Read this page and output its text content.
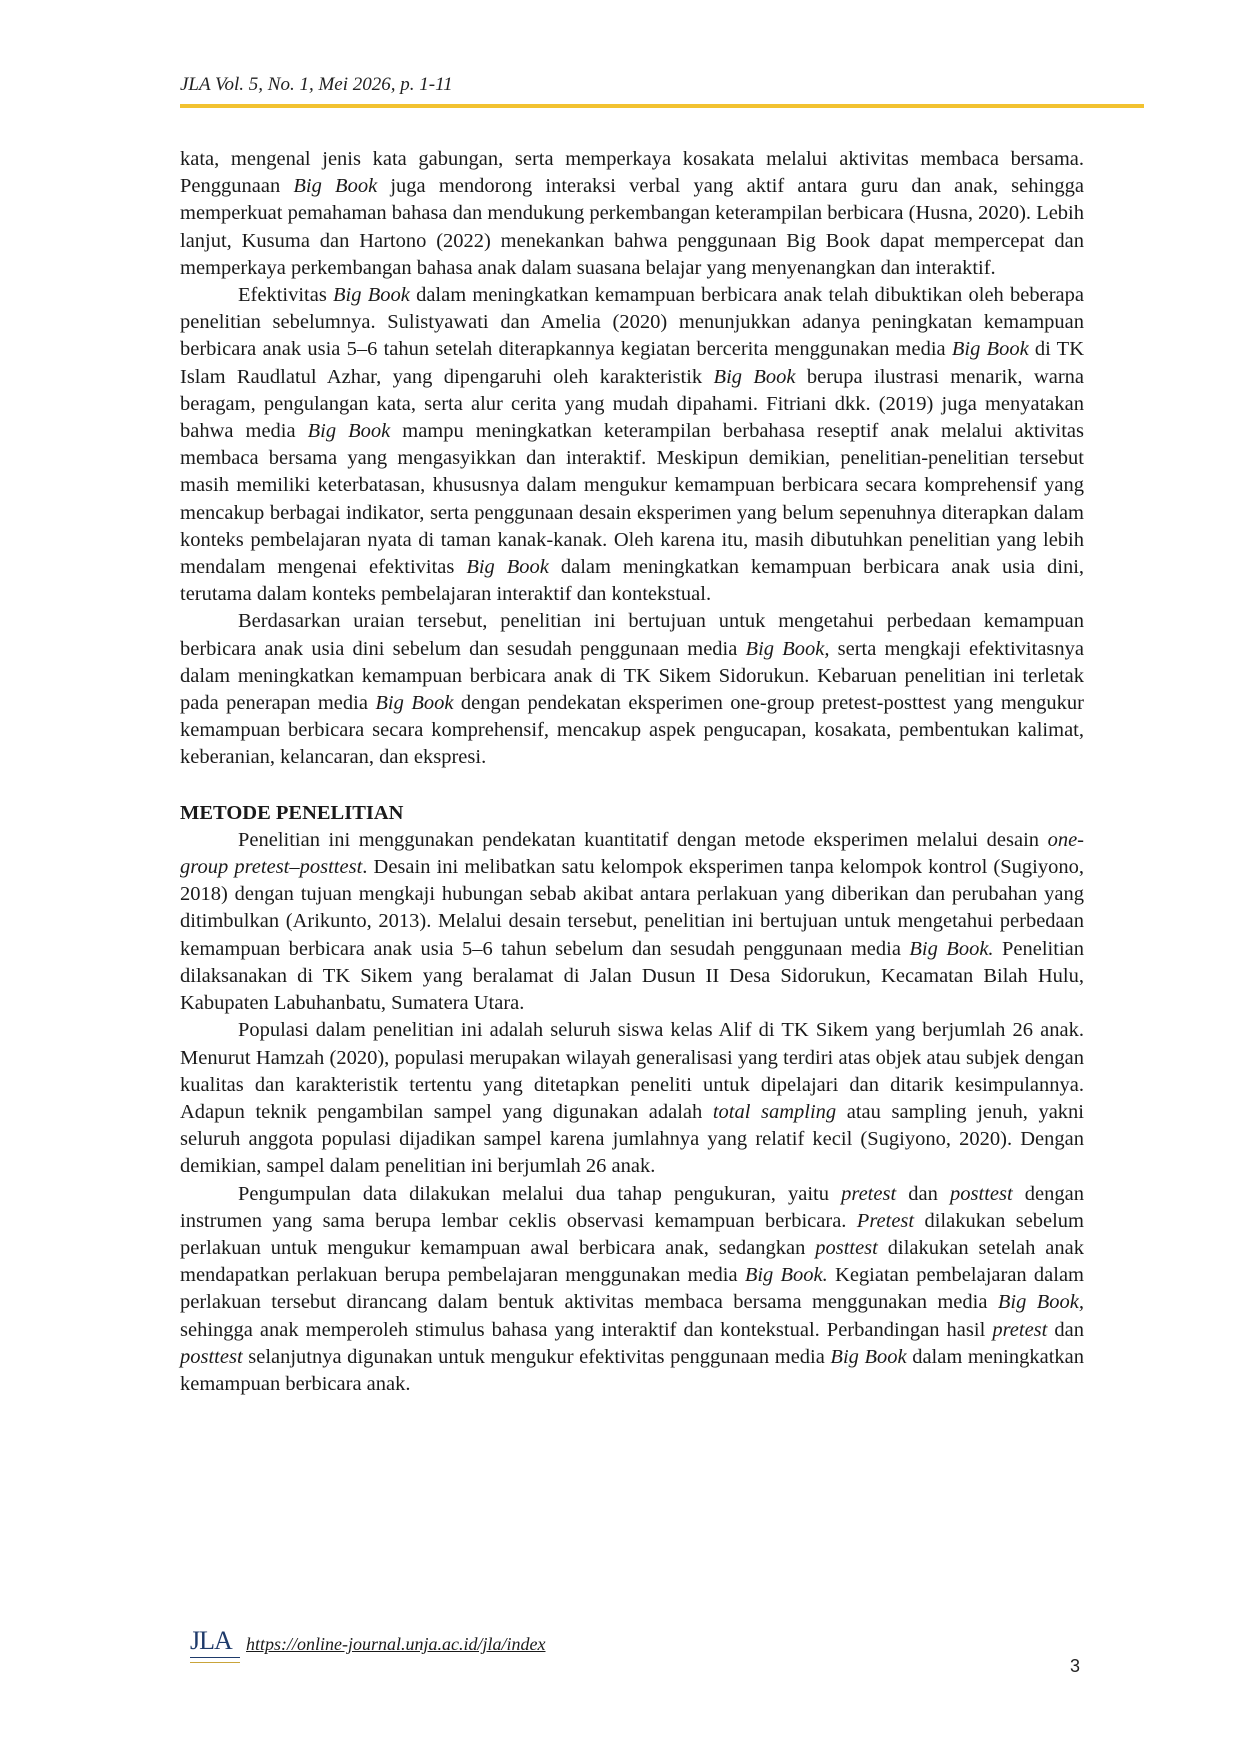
JLA Vol. 5, No. 1, Mei 2026, p. 1-11

kata, mengenal jenis kata gabungan, serta memperkaya kosakata melalui aktivitas membaca bersama. Penggunaan Big Book juga mendorong interaksi verbal yang aktif antara guru dan anak, sehingga memperkuat pemahaman bahasa dan mendukung perkembangan keterampilan berbicara (Husna, 2020). Lebih lanjut, Kusuma dan Hartono (2022) menekankan bahwa penggunaan Big Book dapat mempercepat dan memperkaya perkembangan bahasa anak dalam suasana belajar yang menyenangkan dan interaktif.

Efektivitas Big Book dalam meningkatkan kemampuan berbicara anak telah dibuktikan oleh beberapa penelitian sebelumnya. Sulistyawati dan Amelia (2020) menunjukkan adanya peningkatan kemampuan berbicara anak usia 5–6 tahun setelah diterapkannya kegiatan bercerita menggunakan media Big Book di TK Islam Raudlatul Azhar, yang dipengaruhi oleh karakteristik Big Book berupa ilustrasi menarik, warna beragam, pengulangan kata, serta alur cerita yang mudah dipahami. Fitriani dkk. (2019) juga menyatakan bahwa media Big Book mampu meningkatkan keterampilan berbahasa reseptif anak melalui aktivitas membaca bersama yang mengasyikkan dan interaktif. Meskipun demikian, penelitian-penelitian tersebut masih memiliki keterbatasan, khususnya dalam mengukur kemampuan berbicara secara komprehensif yang mencakup berbagai indikator, serta penggunaan desain eksperimen yang belum sepenuhnya diterapkan dalam konteks pembelajaran nyata di taman kanak-kanak. Oleh karena itu, masih dibutuhkan penelitian yang lebih mendalam mengenai efektivitas Big Book dalam meningkatkan kemampuan berbicara anak usia dini, terutama dalam konteks pembelajaran interaktif dan kontekstual.

Berdasarkan uraian tersebut, penelitian ini bertujuan untuk mengetahui perbedaan kemampuan berbicara anak usia dini sebelum dan sesudah penggunaan media Big Book, serta mengkaji efektivitasnya dalam meningkatkan kemampuan berbicara anak di TK Sikem Sidorukun. Kebaruan penelitian ini terletak pada penerapan media Big Book dengan pendekatan eksperimen one-group pretest-posttest yang mengukur kemampuan berbicara secara komprehensif, mencakup aspek pengucapan, kosakata, pembentukan kalimat, keberanian, kelancaran, dan ekspresi.

METODE PENELITIAN

Penelitian ini menggunakan pendekatan kuantitatif dengan metode eksperimen melalui desain one-group pretest–posttest. Desain ini melibatkan satu kelompok eksperimen tanpa kelompok kontrol (Sugiyono, 2018) dengan tujuan mengkaji hubungan sebab akibat antara perlakuan yang diberikan dan perubahan yang ditimbulkan (Arikunto, 2013). Melalui desain tersebut, penelitian ini bertujuan untuk mengetahui perbedaan kemampuan berbicara anak usia 5–6 tahun sebelum dan sesudah penggunaan media Big Book. Penelitian dilaksanakan di TK Sikem yang beralamat di Jalan Dusun II Desa Sidorukun, Kecamatan Bilah Hulu, Kabupaten Labuhanbatu, Sumatera Utara.

Populasi dalam penelitian ini adalah seluruh siswa kelas Alif di TK Sikem yang berjumlah 26 anak. Menurut Hamzah (2020), populasi merupakan wilayah generalisasi yang terdiri atas objek atau subjek dengan kualitas dan karakteristik tertentu yang ditetapkan peneliti untuk dipelajari dan ditarik kesimpulannya. Adapun teknik pengambilan sampel yang digunakan adalah total sampling atau sampling jenuh, yakni seluruh anggota populasi dijadikan sampel karena jumlahnya yang relatif kecil (Sugiyono, 2020). Dengan demikian, sampel dalam penelitian ini berjumlah 26 anak.

Pengumpulan data dilakukan melalui dua tahap pengukuran, yaitu pretest dan posttest dengan instrumen yang sama berupa lembar ceklis observasi kemampuan berbicara. Pretest dilakukan sebelum perlakuan untuk mengukur kemampuan awal berbicara anak, sedangkan posttest dilakukan setelah anak mendapatkan perlakuan berupa pembelajaran menggunakan media Big Book. Kegiatan pembelajaran dalam perlakuan tersebut dirancang dalam bentuk aktivitas membaca bersama menggunakan media Big Book, sehingga anak memperoleh stimulus bahasa yang interaktif dan kontekstual. Perbandingan hasil pretest dan posttest selanjutnya digunakan untuk mengukur efektivitas penggunaan media Big Book dalam meningkatkan kemampuan berbicara anak.

JLA https://online-journal.unja.ac.id/jla/index
3
